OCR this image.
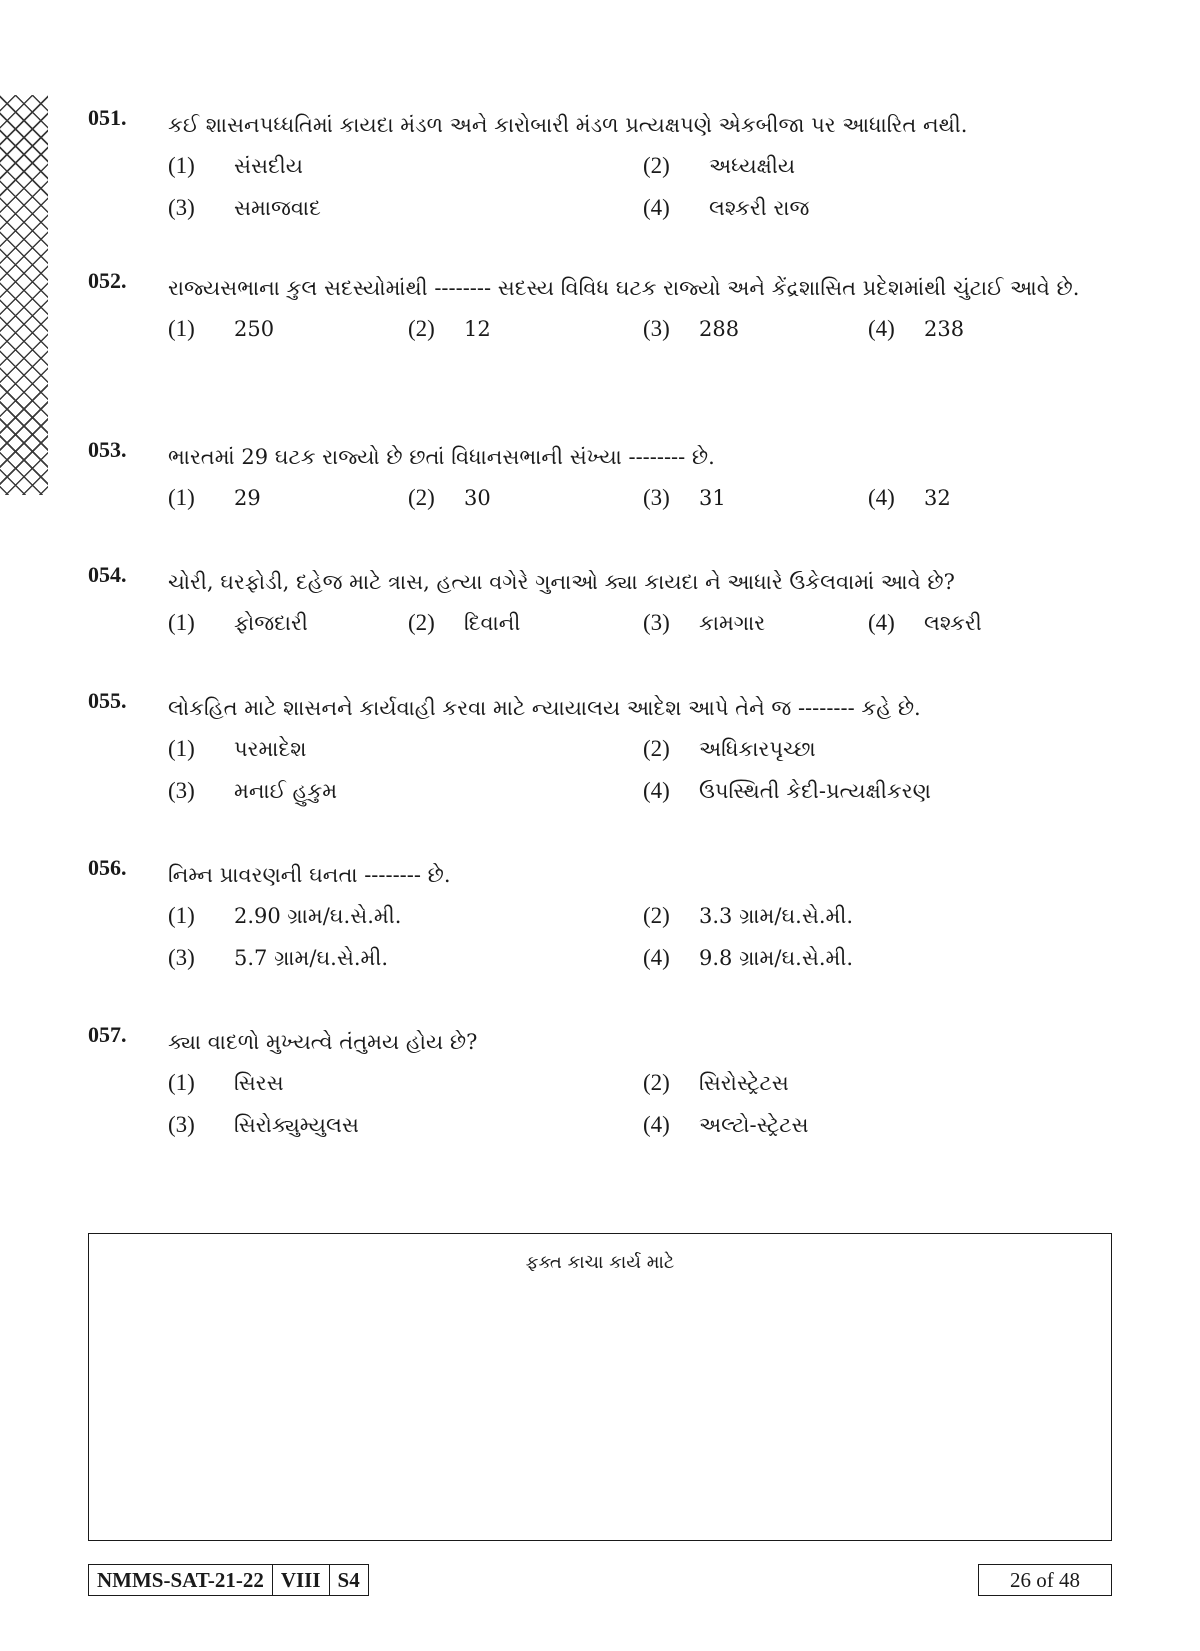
051. કઈ શાસનપધ્ધતિમાં કાયદા મંડળ અને કારોબારી મંડળ પ્રત્યક્ષપણે એકબીજા પર આધારિત નથી.
(1) સંસદીય	(2) અધ્યક્ષીય
(3) સમાજવાદ	(4) લશ્કરી રાજ
052. રાજ્યસભાના કુલ સદસ્યોમાંથી -------- સદસ્ય વિવિધ ઘટક રાજ્યો અને કેંદ્રશાસિત પ્રદેશમાંથી ચુંટાઈ આવે છે.
(1) 250	(2) 12	(3) 288	(4) 238
053. ભારતમાં 29 ઘટક રાજ્યો છે છતાં વિધાનસભાની સંખ્યા -------- છે.
(1) 29	(2) 30	(3) 31	(4) 32
054. ચોરી, ઘરફોડી, દહેજ માટે ત્રાસ, હત્યા વગેરે ગુનાઓ ક્યા કાયદા ને આધારે ઉકેલવામાં આવે છે?
(1) ફોજદારી	(2) દિવાની	(3) કામગાર	(4) લશ્કરી
055. લોકહિત માટે શાસનને કાર્યવાહી કરવા માટે ન્યાયાલય આદેશ આપે તેને જ -------- કહે છે.
(1) પરમાદેશ	(2) અધિકારપૃચ્છા
(3) મનાઈ હુકુમ	(4) ઉપસ્થિતી કેદી-પ્રત્યક્ષીકરણ
056. નિમ્ન પ્રાવરણની ઘનતા -------- છે.
(1) 2.90 ગ્રામ/ઘ.સે.મી.	(2) 3.3 ગ્રામ/ઘ.સે.મી.
(3) 5.7 ગ્રામ/ઘ.સે.મી.	(4) 9.8 ગ્રામ/ઘ.સે.મી.
057. ક્યા વાદળો મુખ્યત્વે તંતુમય હોય છે?
(1) સિરસ	(2) સિરોસ્ટ્રેટસ
(3) સિરોક્યુમ્યુલસ	(4) અલ્ટો-સ્ટ્રેટસ
ફક્ત કાચા કાર્ય માટે
NMMS-SAT-21-22 VIII S4	26 of 48
